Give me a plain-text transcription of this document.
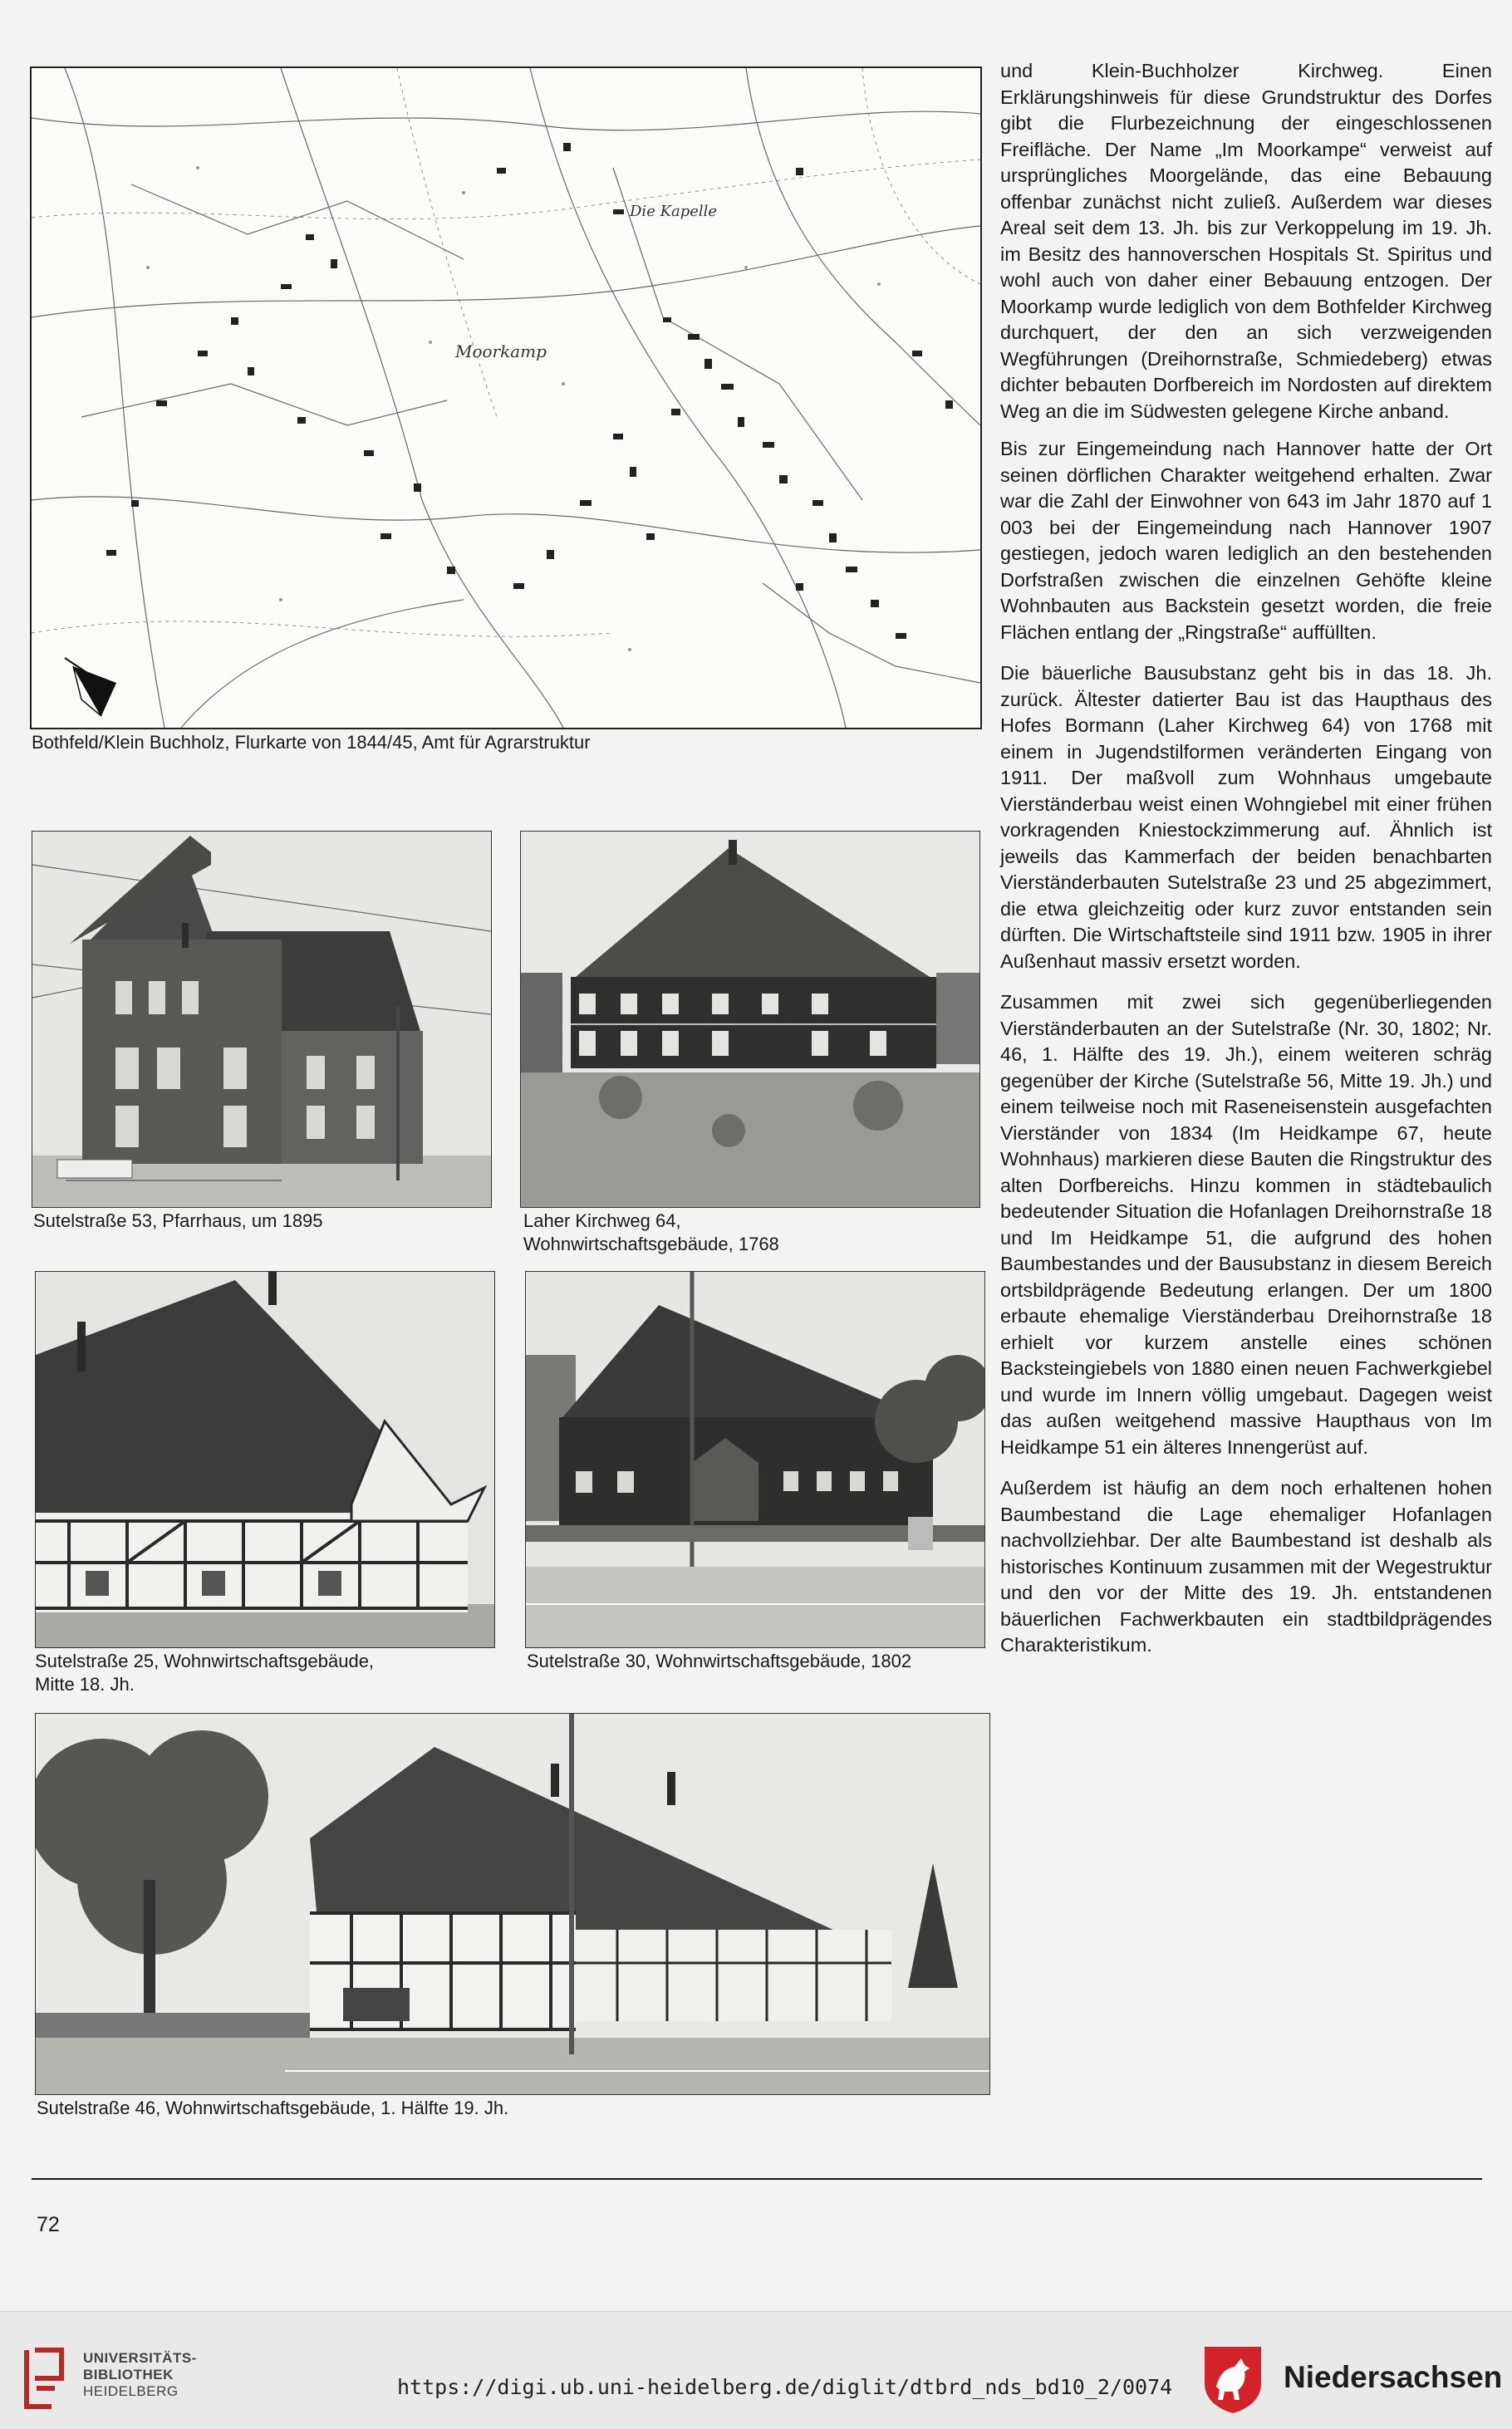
Moorkamp
Die Kapelle

Bothfeld/Klein Buchholz, Flurkarte von 1844/45, Amt für Agrarstruktur

Sutelstraße 53, Pfarrhaus, um 1895	Laher Kirchweg 64,

Wohnwirtschaftsgebäude, 1768

Sutelstraße 25, Wohnwirtschaftsgebäude,

Mitte 18. Jh.

Sutelstraße 30, Wohnwirtschaftsgebäude, 1802

Sutelstraße 46, Wohnwirtschaftsgebäude, 1. Hälfte 19. Jh.

und Klein-Buchholzer Kirchweg. Einen Erklärungshinweis für diese Grundstruktur des Dorfes gibt die Flurbezeichnung der eingeschlossenen Freifläche. Der Name „Im Moorkampe“ verweist auf ursprüngliches Moorgelände, das eine Bebauung offenbar zunächst nicht zuließ. Außerdem war dieses Areal seit dem 13. Jh. bis zur Verkoppelung im 19. Jh. im Besitz des hannoverschen Hospitals St. Spiritus und wohl auch von daher einer Bebauung entzogen. Der Moorkamp wurde lediglich von dem Bothfelder Kirchweg durchquert, der den an sich verzweigenden Wegführungen (Dreihornstraße, Schmiedeberg) etwas dichter bebauten Dorfbereich im Nordosten auf direktem Weg an die im Südwesten gelegene Kirche anband.

Bis zur Eingemeindung nach Hannover hatte der Ort seinen dörflichen Charakter weitgehend erhalten. Zwar war die Zahl der Einwohner von 643 im Jahr 1870 auf 1 003 bei der Eingemeindung nach Hannover 1907 gestiegen, jedoch waren lediglich an den bestehenden Dorfstraßen zwischen die einzelnen Gehöfte kleine Wohnbauten aus Backstein gesetzt worden, die freie Flächen entlang der „Ringstraße“ auffüllten.

Die bäuerliche Bausubstanz geht bis in das 18. Jh. zurück. Ältester datierter Bau ist das Haupthaus des Hofes Bormann (Laher Kirchweg 64) von 1768 mit einem in Jugendstilformen veränderten Eingang von 1911. Der maßvoll zum Wohnhaus umgebaute Vierständerbau weist einen Wohngiebel mit einer frühen vorkragenden Kniestockzimmerung auf. Ähnlich ist jeweils das Kammerfach der beiden benachbarten Vierständerbauten Sutelstraße 23 und 25 abgezimmert, die etwa gleichzeitig oder kurz zuvor entstanden sein dürften. Die Wirtschaftsteile sind 1911 bzw. 1905 in ihrer Außenhaut massiv ersetzt worden.

Zusammen mit zwei sich gegenüberliegenden Vierständerbauten an der Sutelstraße (Nr. 30, 1802; Nr. 46, 1. Hälfte des 19. Jh.), einem weiteren schräg gegenüber der Kirche (Sutelstraße 56, Mitte 19. Jh.) und einem teilweise noch mit Raseneisenstein ausgefachten Vierständer von 1834 (Im Heidkampe 67, heute Wohnhaus) markieren diese Bauten die Ringstruktur des alten Dorfbereichs. Hinzu kommen in städtebaulich bedeutender Situation die Hofanlagen Dreihornstraße 18 und Im Heidkampe 51, die aufgrund des hohen Baumbestandes und der Bausubstanz in diesem Bereich ortsbildprägende Bedeutung erlangen. Der um 1800 erbaute ehemalige Vierständerbau Dreihornstraße 18 erhielt vor kurzem anstelle eines schönen Backsteingiebels von 1880 einen neuen Fachwerkgiebel und wurde im Innern völlig umgebaut. Dagegen weist das außen weitgehend massive Haupthaus von Im Heidkampe 51 ein älteres Innengerüst auf.

Außerdem ist häufig an dem noch erhaltenen hohen Baumbestand die Lage ehemaliger Hofanlagen nachvollziehbar. Der alte Baumbestand ist deshalb als historisches Kontinuum zusammen mit der Wegestruktur und den vor der Mitte des 19. Jh. entstandenen bäuerlichen Fachwerkbauten ein stadtbildprägendes Charakteristikum.

72
UNIVERSITÄTS-
BIBLIOTHEK
HEIDELBERG	https://digi.ub.uni-heidelberg.de/diglit/dtbrd_nds_bd10_2/0074	Niedersachsen
